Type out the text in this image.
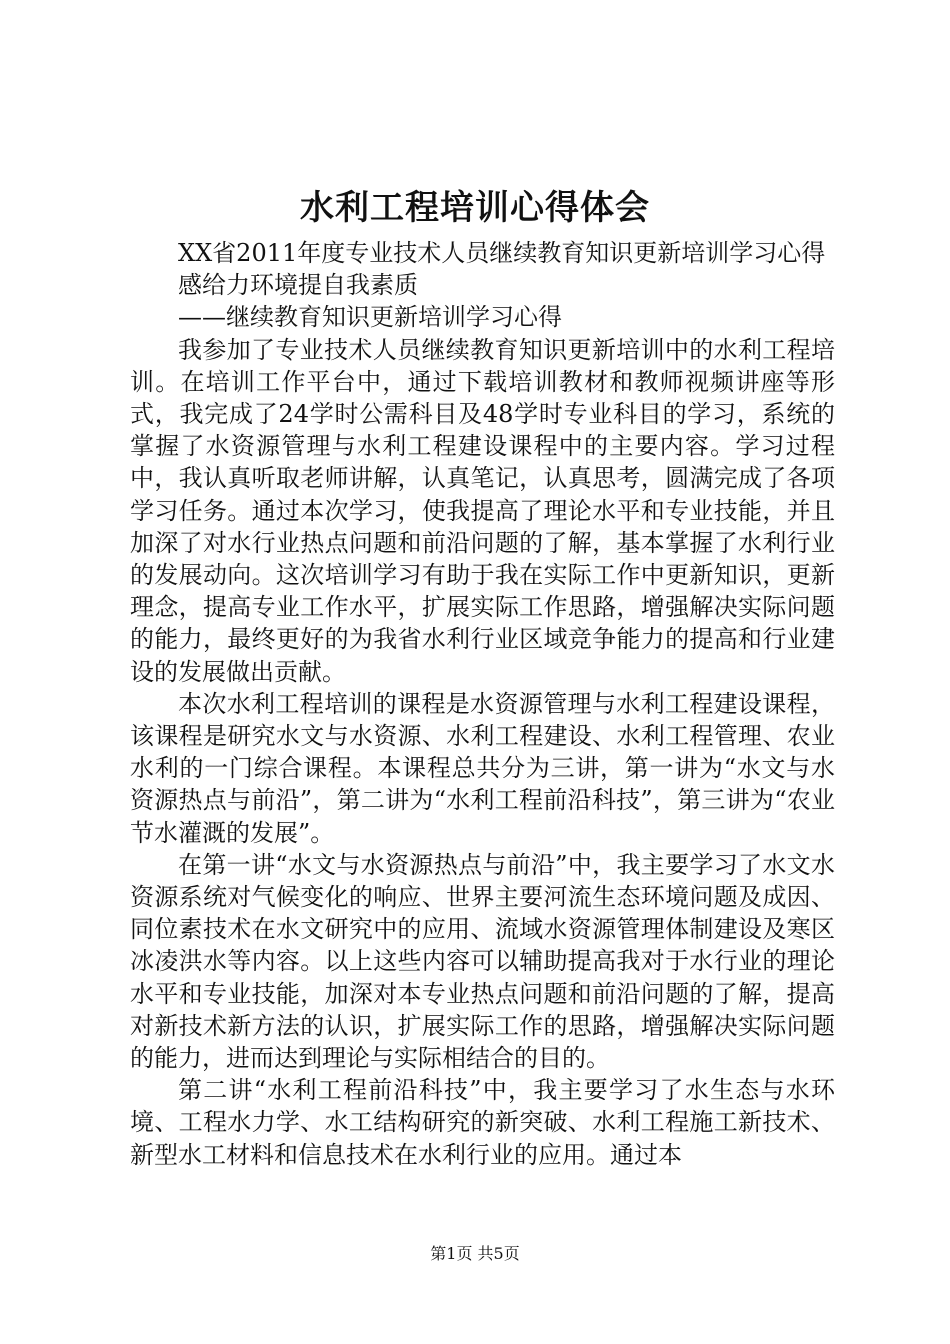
水利工程培训心得体会

XX省2011年度专业技术人员继续教育知识更新培训学习心得

感给力环境提自我素质

——继续教育知识更新培训学习心得

我参加了专业技术人员继续教育知识更新培训中的水利工程培训。在培训工作平台中，通过下载培训教材和教师视频讲座等形式，我完成了24学时公需科目及48学时专业科目的学习，系统的掌握了水资源管理与水利工程建设课程中的主要内容。学习过程中，我认真听取老师讲解，认真笔记，认真思考，圆满完成了各项学习任务。通过本次学习，使我提高了理论水平和专业技能，并且加深了对水行业热点问题和前沿问题的了解，基本掌握了水利行业的发展动向。这次培训学习有助于我在实际工作中更新知识，更新理念，提高专业工作水平，扩展实际工作思路，增强解决实际问题的能力，最终更好的为我省水利行业区域竞争能力的提高和行业建设的发展做出贡献。

本次水利工程培训的课程是水资源管理与水利工程建设课程，该课程是研究水文与水资源、水利工程建设、水利工程管理、农业水利的一门综合课程。本课程总共分为三讲，第一讲为“水文与水资源热点与前沿”，第二讲为“水利工程前沿科技”，第三讲为“农业节水灌溉的发展”。

在第一讲“水文与水资源热点与前沿”中，我主要学习了水文水资源系统对气候变化的响应、世界主要河流生态环境问题及成因、同位素技术在水文研究中的应用、流域水资源管理体制建设及寒区冰凌洪水等内容。以上这些内容可以辅助提高我对于水行业的理论水平和专业技能，加深对本专业热点问题和前沿问题的了解，提高对新技术新方法的认识，扩展实际工作的思路，增强解决实际问题的能力，进而达到理论与实际相结合的目的。

第二讲“水利工程前沿科技”中，我主要学习了水生态与水环境、工程水力学、水工结构研究的新突破、水利工程施工新技术、新型水工材料和信息技术在水利行业的应用。通过本

第1页 共5页
